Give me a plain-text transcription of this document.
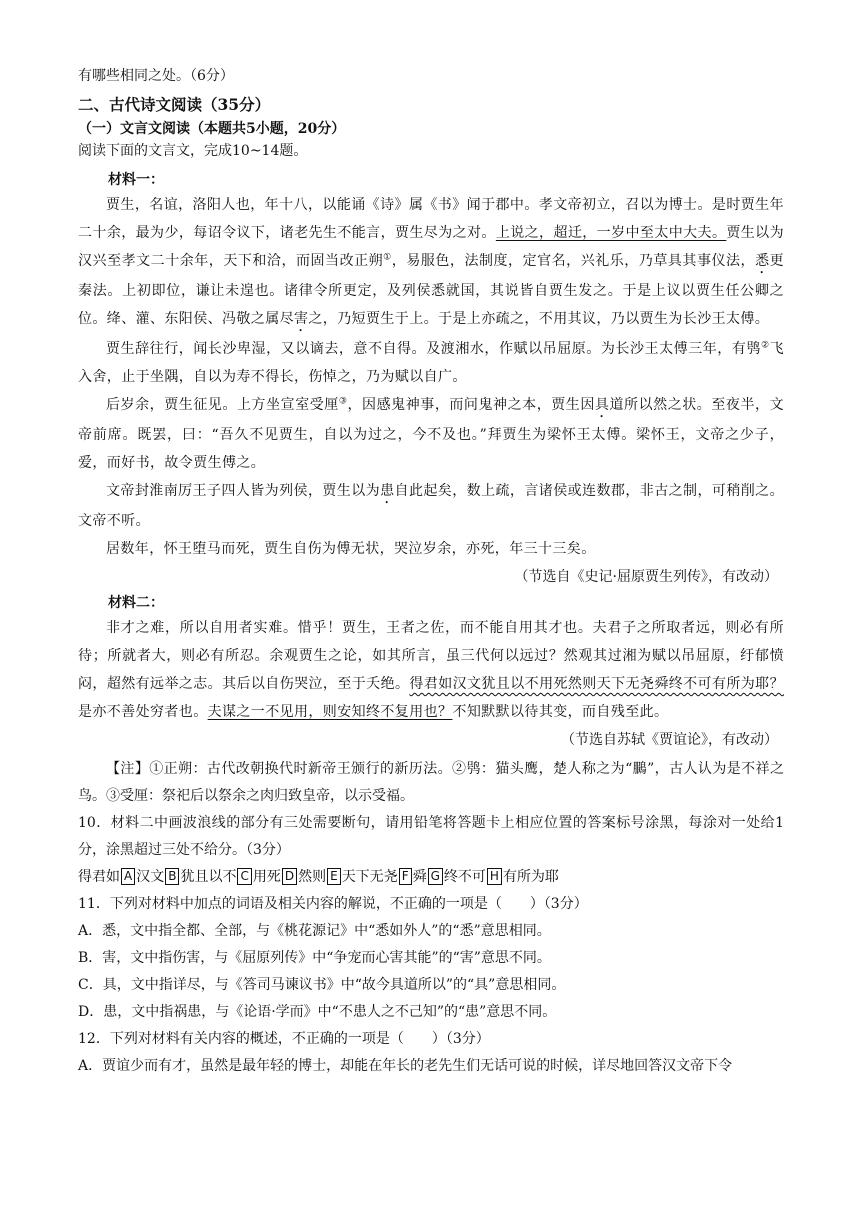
有哪些相同之处。（6分）

二、古代诗文阅读（35分）

（一）文言文阅读（本题共5小题，20分）

阅读下面的文言文，完成10~14题。

材料一：

贾生，名谊，洛阳人也，年十八，以能诵《诗》属《书》闻于郡中。孝文帝初立，召以为博士。是时贾生年二十余，最为少，每诏令议下，诸老先生不能言，贾生尽为之对。上说之，超迁，一岁中至太中大夫。贾生以为汉兴至孝文二十余年，天下和洽，而固当改正朔①，易服色，法制度，定官名，兴礼乐，乃草具其事仪法，悉更秦法。上初即位，谦让未遑也。诸律令所更定，及列侯悉就国，其说皆自贾生发之。于是上议以贾生任公卿之位。绛、灌、东阳侯、冯敬之属尽害之，乃短贾生于上。于是上亦疏之，不用其议，乃以贾生为长沙王太傅。

贾生辞往行，闻长沙卑湿，又以谪去，意不自得。及渡湘水，作赋以吊屈原。为长沙王太傅三年，有鸮②飞入舍，止于坐隅，自以为寿不得长，伤悼之，乃为赋以自广。

后岁余，贾生征见。上方坐宣室受厘③，因感鬼神事，而问鬼神之本，贾生因具道所以然之状。至夜半，文帝前席。既罢，曰：“吾久不见贾生，自以为过之，今不及也。”拜贾生为梁怀王太傅。梁怀王，文帝之少子，爱，而好书，故令贾生傅之。

文帝封淮南厉王子四人皆为列侯，贾生以为患自此起矣，数上疏，言诸侯或连数郡，非古之制，可稍削之。文帝不听。

居数年，怀王堕马而死，贾生自伤为傅无状，哭泣岁余，亦死，年三十三矣。

（节选自《史记·屈原贾生列传》，有改动）

材料二：

非才之难，所以自用者实难。惜乎！贾生，王者之佐，而不能自用其才也。夫君子之所取者远，则必有所待；所就者大，则必有所忍。余观贾生之论，如其所言，虽三代何以远过？然观其过湘为赋以吊屈原，纡郁愤闷，超然有远举之志。其后以自伤哭泣，至于夭绝。得君如汉文犹且以不用死然则天下无尧舜终不可有所为耶？是亦不善处穷者也。夫谋之一不见用，则安知终不复用也？不知默默以待其变，而自残至此。

（节选自苏轼《贾谊论》，有改动）

【注】①正朔：古代改朝换代时新帝王颁行的新历法。②鸮：猫头鹰，楚人称之为“鵩”，古人认为是不祥之鸟。③受厘：祭祀后以祭余之肉归致皇帝，以示受福。

10．材料二中画波浪线的部分有三处需要断句，请用铅笔将答题卡上相应位置的答案标号涂黑，每涂对一处给1分，涂黑超过三处不给分。（3分）

得君如 A 汉文 B 犹且以不 C 用死 D 然则 E 天下无尧 F 舜 G 终不可 H 有所为耶

11．下列对材料中加点的词语及相关内容的解说，不正确的一项是（　　）（3分）

A．悉，文中指全都、全部，与《桃花源记》中“悉如外人”的“悉”意思相同。

B．害，文中指伤害，与《屈原列传》中“争宠而心害其能”的“害”意思不同。

C．具，文中指详尽，与《答司马谏议书》中“故今具道所以”的“具”意思相同。

D．患，文中指祸患，与《论语·学而》中“不患人之不己知”的“患”意思不同。

12．下列对材料有关内容的概述，不正确的一项是（　　）（3分）

A．贾谊少而有才，虽然是最年轻的博士，却能在年长的老先生们无话可说的时候，详尽地回答汉文帝下令
